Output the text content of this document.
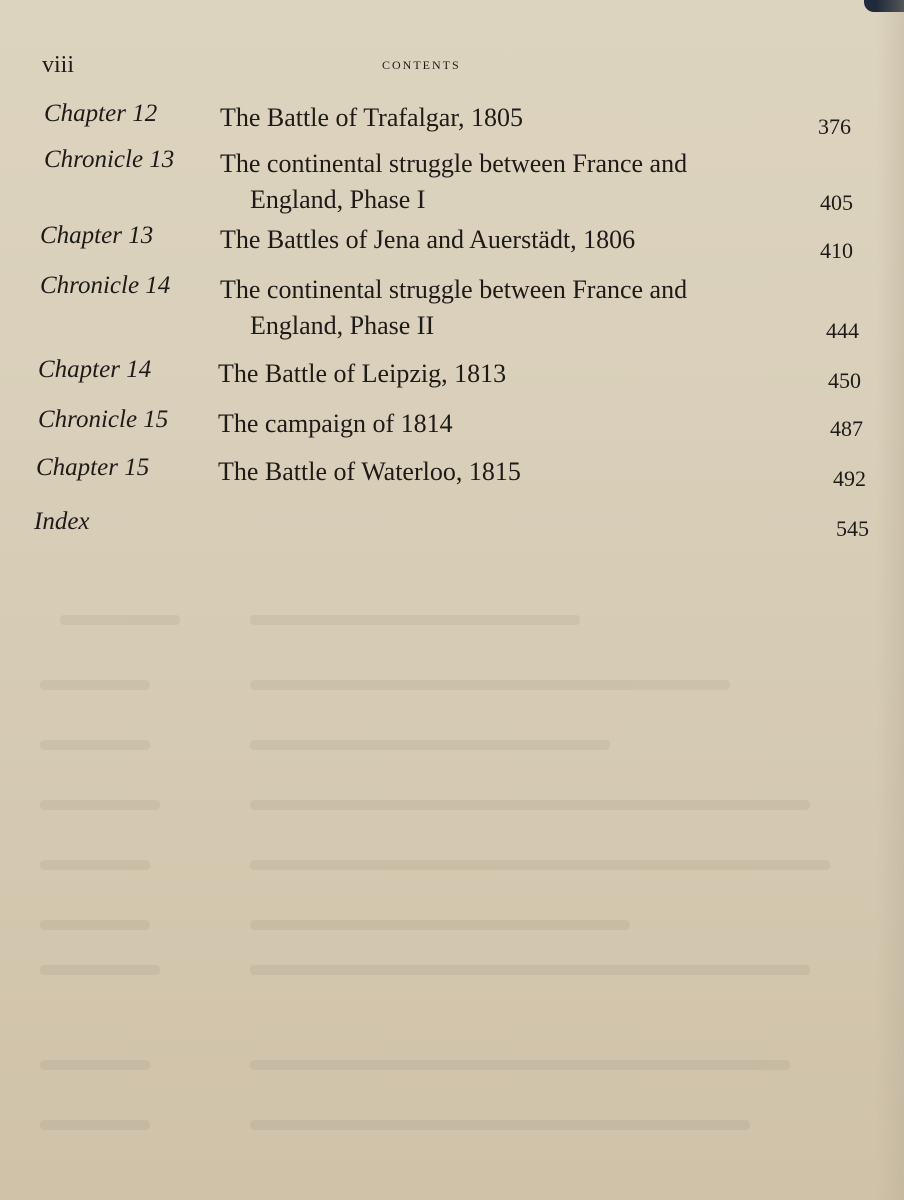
viii	contents
Chapter 12 The Battle of Trafalgar, 1805	376
Chronicle 13 The continental struggle between France and
England, Phase I	405
Chapter 13	The Battles of Jena and Auerstädt, 1806	410
Chronicle 14 The continental struggle between France and
England, Phase II	444
Chapter 14	The Battle of Leipzig, 1813	450
Chronicle 15 The campaign of 1814	487
Chapter 15	The Battle of Waterloo, 1815	492
Index	545
